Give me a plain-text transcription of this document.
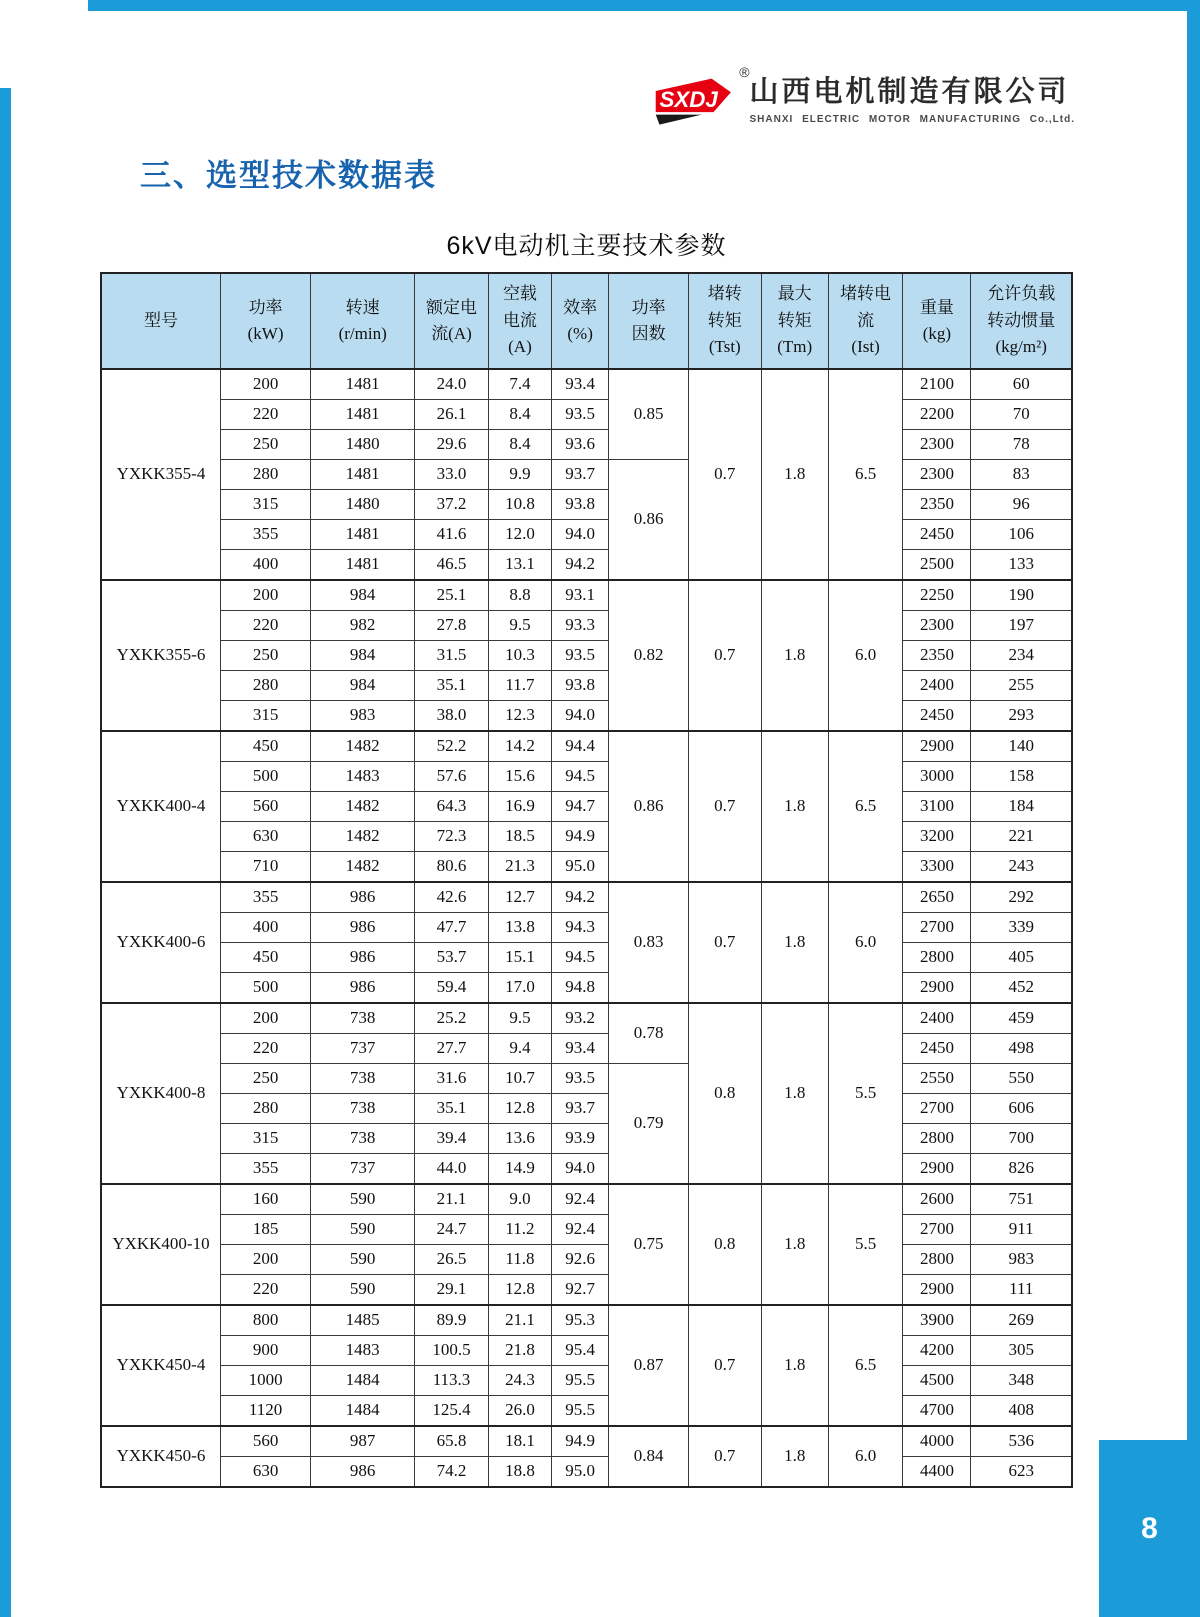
8
SXDJ
®
山西电机制造有限公司
SHANXI ELECTRIC MOTOR MANUFACTURING Co.,Ltd.
三、选型技术数据表
6kV电动机主要技术参数
型号	功率
(kW)	转速
(r/min)	额定电
流(A)	空载
电流
(A)	效率
(%)	功率
因数	堵转
转矩
(Tst)	最大
转矩
(Tm)	堵转电
流
(Ist)	重量
(kg)	允许负载
转动惯量
(kg/m²)
YXKK355-4	200	1481	24.0	7.4	93.4	0.85	0.7	1.8	6.5	2100	60
	220	1481	26.1	8.4	93.5					2200	70
	250	1480	29.6	8.4	93.6					2300	78
	280	1481	33.0	9.9	93.7	0.86				2300	83
	315	1480	37.2	10.8	93.8					2350	96
	355	1481	41.6	12.0	94.0					2450	106
	400	1481	46.5	13.1	94.2					2500	133
YXKK355-6	200	984	25.1	8.8	93.1	0.82	0.7	1.8	6.0	2250	190
	220	982	27.8	9.5	93.3					2300	197
	250	984	31.5	10.3	93.5					2350	234
	280	984	35.1	11.7	93.8					2400	255
	315	983	38.0	12.3	94.0					2450	293
YXKK400-4	450	1482	52.2	14.2	94.4	0.86	0.7	1.8	6.5	2900	140
	500	1483	57.6	15.6	94.5					3000	158
	560	1482	64.3	16.9	94.7					3100	184
	630	1482	72.3	18.5	94.9					3200	221
	710	1482	80.6	21.3	95.0					3300	243
YXKK400-6	355	986	42.6	12.7	94.2	0.83	0.7	1.8	6.0	2650	292
	400	986	47.7	13.8	94.3					2700	339
	450	986	53.7	15.1	94.5					2800	405
	500	986	59.4	17.0	94.8					2900	452
YXKK400-8	200	738	25.2	9.5	93.2	0.78	0.8	1.8	5.5	2400	459
	220	737	27.7	9.4	93.4					2450	498
	250	738	31.6	10.7	93.5	0.79				2550	550
	280	738	35.1	12.8	93.7					2700	606
	315	738	39.4	13.6	93.9					2800	700
	355	737	44.0	14.9	94.0					2900	826
YXKK400-10	160	590	21.1	9.0	92.4	0.75	0.8	1.8	5.5	2600	751
	185	590	24.7	11.2	92.4					2700	911
	200	590	26.5	11.8	92.6					2800	983
	220	590	29.1	12.8	92.7					2900	111
YXKK450-4	800	1485	89.9	21.1	95.3	0.87	0.7	1.8	6.5	3900	269
	900	1483	100.5	21.8	95.4					4200	305
	1000	1484	113.3	24.3	95.5					4500	348
	1120	1484	125.4	26.0	95.5					4700	408
YXKK450-6	560	987	65.8	18.1	94.9	0.84	0.7	1.8	6.0	4000	536
	630	986	74.2	18.8	95.0					4400	623
